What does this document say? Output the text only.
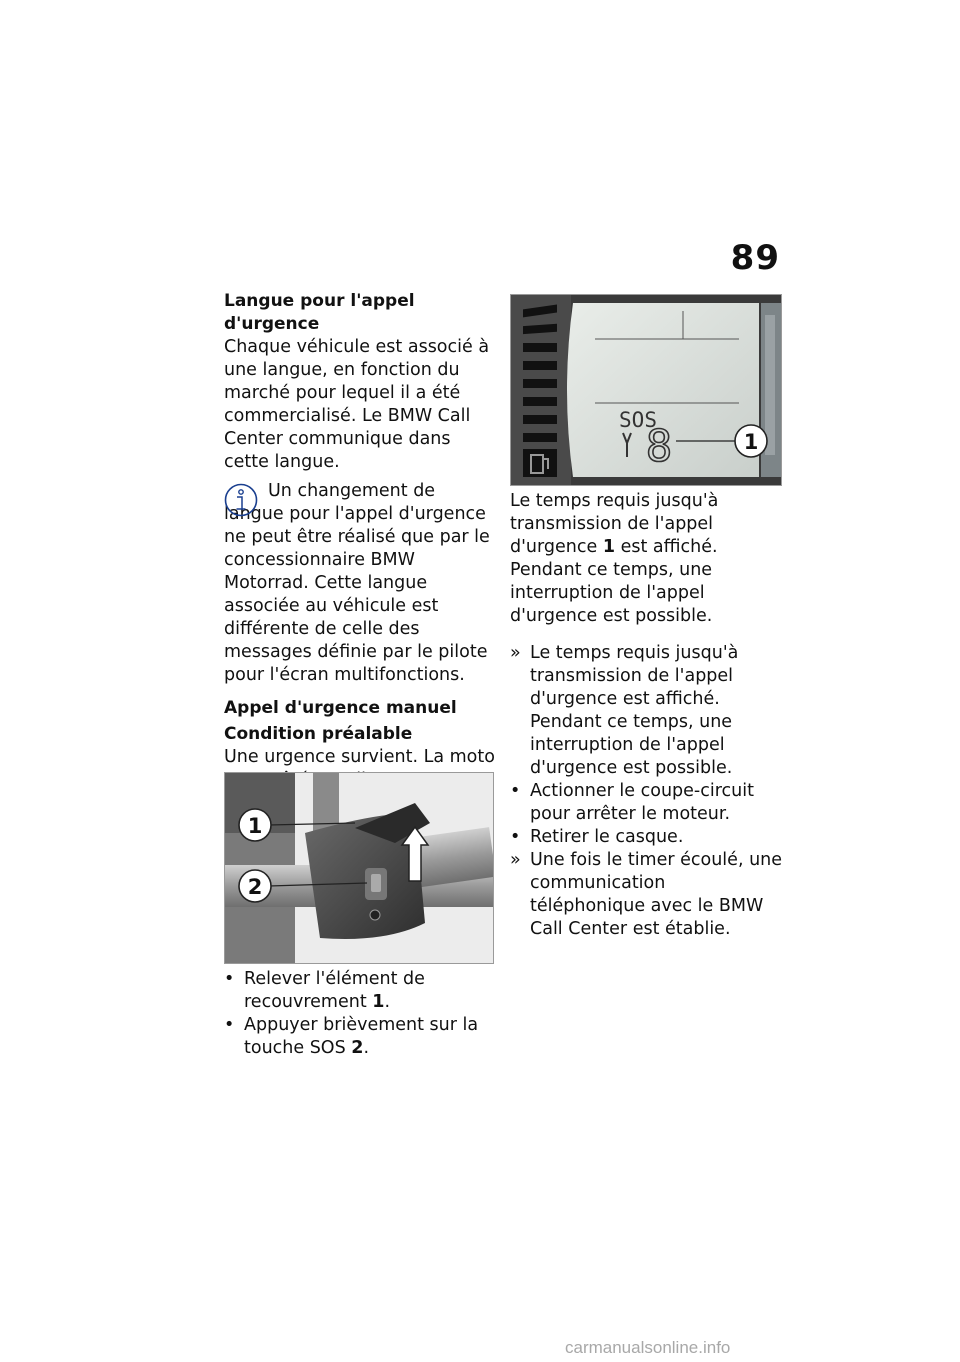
89

Langue pour l'appel d'urgence

Chaque véhicule est associé à une langue, en fonction du marché pour lequel il a été commercialisé. Le BMW Call Center communique dans cette langue.

Un changement de langue pour l'appel d'urgence ne peut être réalisé que par le concessionnaire BMW Motorrad. Cette langue associée au véhicule est différente de celle des messages définie par le pilote pour l'écran multifonctions.

Appel d'urgence manuel

Condition préalable

Une urgence survient. La moto

1
2
• Relever l'élément de recouvrement 1.
• Appuyer brièvement sur la touche SOS 2.
SOS
8	1

Le temps requis jusqu'à transmission de l'appel d'urgence 1 est affiché. Pendant ce temps, une interruption de l'appel d'urgence est possible.

» Le temps requis jusqu'à transmission de l'appel d'urgence est affiché. Pendant ce temps, une interruption de l'appel d'urgence est possible.
• Actionner le coupe-circuit pour arrêter le moteur.
• Retirer le casque.
» Une fois le timer écoulé, une communication téléphonique avec le BMW Call Center est établie.
carmanualsonline.info
